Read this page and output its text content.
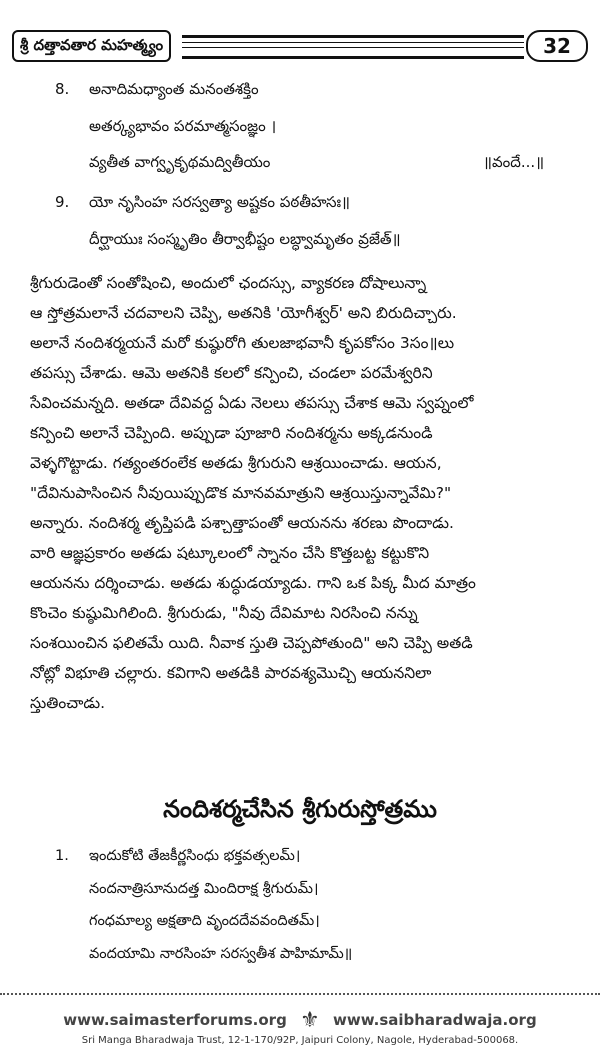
శ్రీ దత్తావతార మహత్మ్యం	32
8. అనాదిమధ్యాంత మనంతశక్తిం
అతర్క్యభావం పరమాత్మసంజ్ఞం ।
వ్యతీత వాగ్వృకృథమద్వితీయం	॥వందే...॥
9. యో నృసింహ సరస్వత్యా అష్టకం పఠతీహసః॥
దీర్ఘాయుః సంస్మృతిం తీర్వాభీష్టం లబ్ధ్వామృతం వ్రజేత్॥
శ్రీగురుడెంతో సంతోషించి, అందులో ఛందస్సు, వ్యాకరణ దోషాలున్నా
ఆ స్తోత్రమలానే చదవాలని చెప్పి, అతనికి 'యోగీశ్వర్' అని బిరుదిచ్చారు.
అలానే నందిశర్మయనే మరో కుష్ఠురోగి తులజాభవానీ కృపకోసం 3సం॥లు
తపస్సు చేశాడు. ఆమె అతనికి కలలో కన్పించి, చండలా పరమేశ్వరిని
సేవించమన్నది. అతడా దేవివద్ద ఏడు నెలలు తపస్సు చేశాక ఆమె స్వప్నంలో
కన్పించి అలానే చెప్పింది. అప్పుడా పూజారి నందిశర్మను అక్కడనుండి
వెళ్ళగొట్టాడు. గత్యంతరంలేక అతడు శ్రీగురుని ఆశ్రయించాడు. ఆయన,
"దేవినుపాసించిన నీవుయిప్పుడొక మానవమాత్రుని ఆశ్రయిస్తున్నావేమి?"
అన్నారు. నందిశర్మ తృప్తిపడి పశ్చాత్తాపంతో ఆయనను శరణు పొందాడు.
వారి ఆజ్ఞప్రకారం అతడు షట్కూలంలో స్నానం చేసి కొత్తబట్ట కట్టుకొని
ఆయనను దర్శించాడు. అతడు శుద్ధుడయ్యాడు. గాని ఒక పిక్క మీద మాత్రం
కొంచెం కుష్ఠుమిగిలింది. శ్రీగురుడు, "నీవు దేవిమాట నిరసించి నన్ను
సంశయించిన ఫలితమే యిది. నీవాక స్తుతి చెప్పపోతుంది" అని చెప్పి అతడి
నోట్లో విభూతి చల్లారు. కవిగాని అతడికి పారవశ్యమొచ్చి ఆయననిలా
స్తుతించాడు.
నందిశర్మచేసిన శ్రీగురుస్తోత్రము
1. ఇందుకోటి తేజకీర్ణసింధు భక్తవత్సలమ్।
నందనాత్రిసూనుదత్త మిందిరాక్ష శ్రీగురుమ్।
గంధమాల్య అక్షతాది వృందదేవవందితమ్।
వందయామి నారసింహ సరస్వతీశ పాహిమామ్॥
www.saimasterforums.org ⚜ www.saibharadwaja.org
Sri Manga Bharadwaja Trust, 12-1-170/92P, Jaipuri Colony, Nagole, Hyderabad-500068.
